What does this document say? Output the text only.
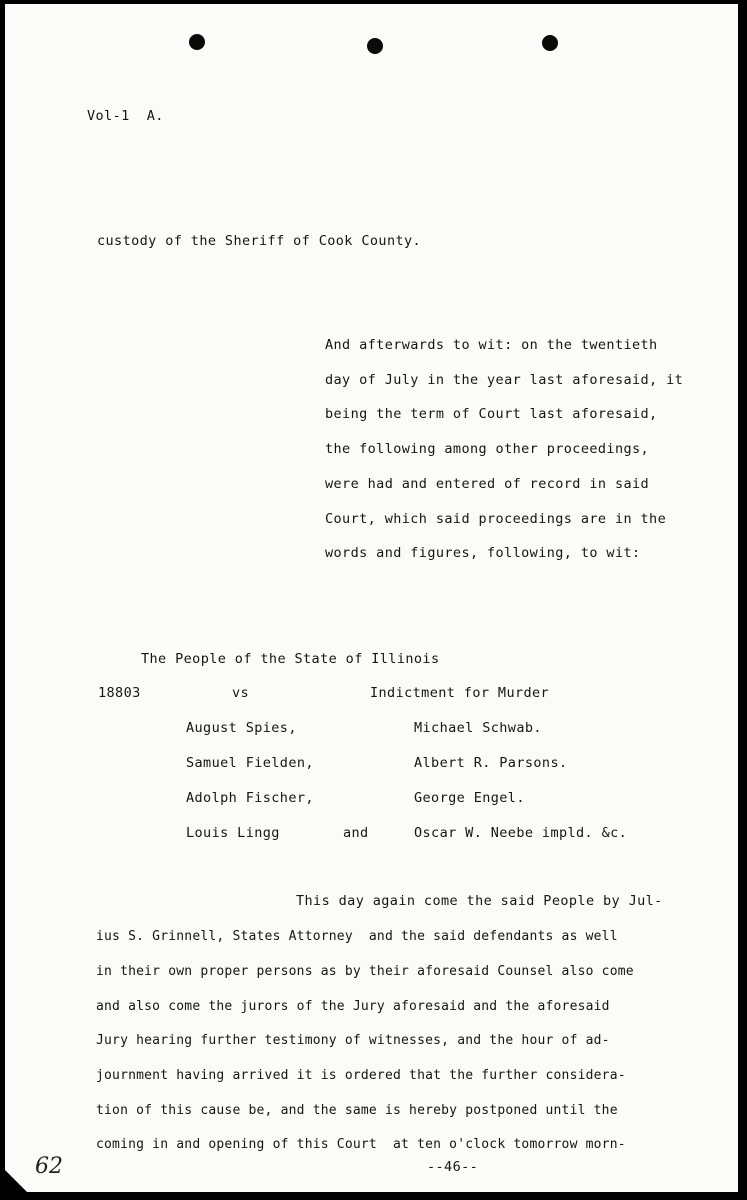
Vol-1  A.
custody of the Sheriff of Cook County.
And afterwards to wit: on the twentieth
day of July in the year last aforesaid, it
being the term of Court last aforesaid,
the following among other proceedings,
were had and entered of record in said
Court, which said proceedings are in the
words and figures, following, to wit:
The People of the State of Illinois
18803	vs	Indictment for Murder
August Spies,	Michael Schwab.
Samuel Fielden,	Albert R. Parsons.
Adolph Fischer,	George Engel.
Louis Lingg	and	Oscar W. Neebe impld. &c.
This day again come the said People by Jul-
ius S. Grinnell, States Attorney  and the said defendants as well
in their own proper persons as by their aforesaid Counsel also come
and also come the jurors of the Jury aforesaid and the aforesaid
Jury hearing further testimony of witnesses, and the hour of ad-
journment having arrived it is ordered that the further considera-
tion of this cause be, and the same is hereby postponed until the
coming in and opening of this Court  at ten o'clock tomorrow morn-
--46--
62
